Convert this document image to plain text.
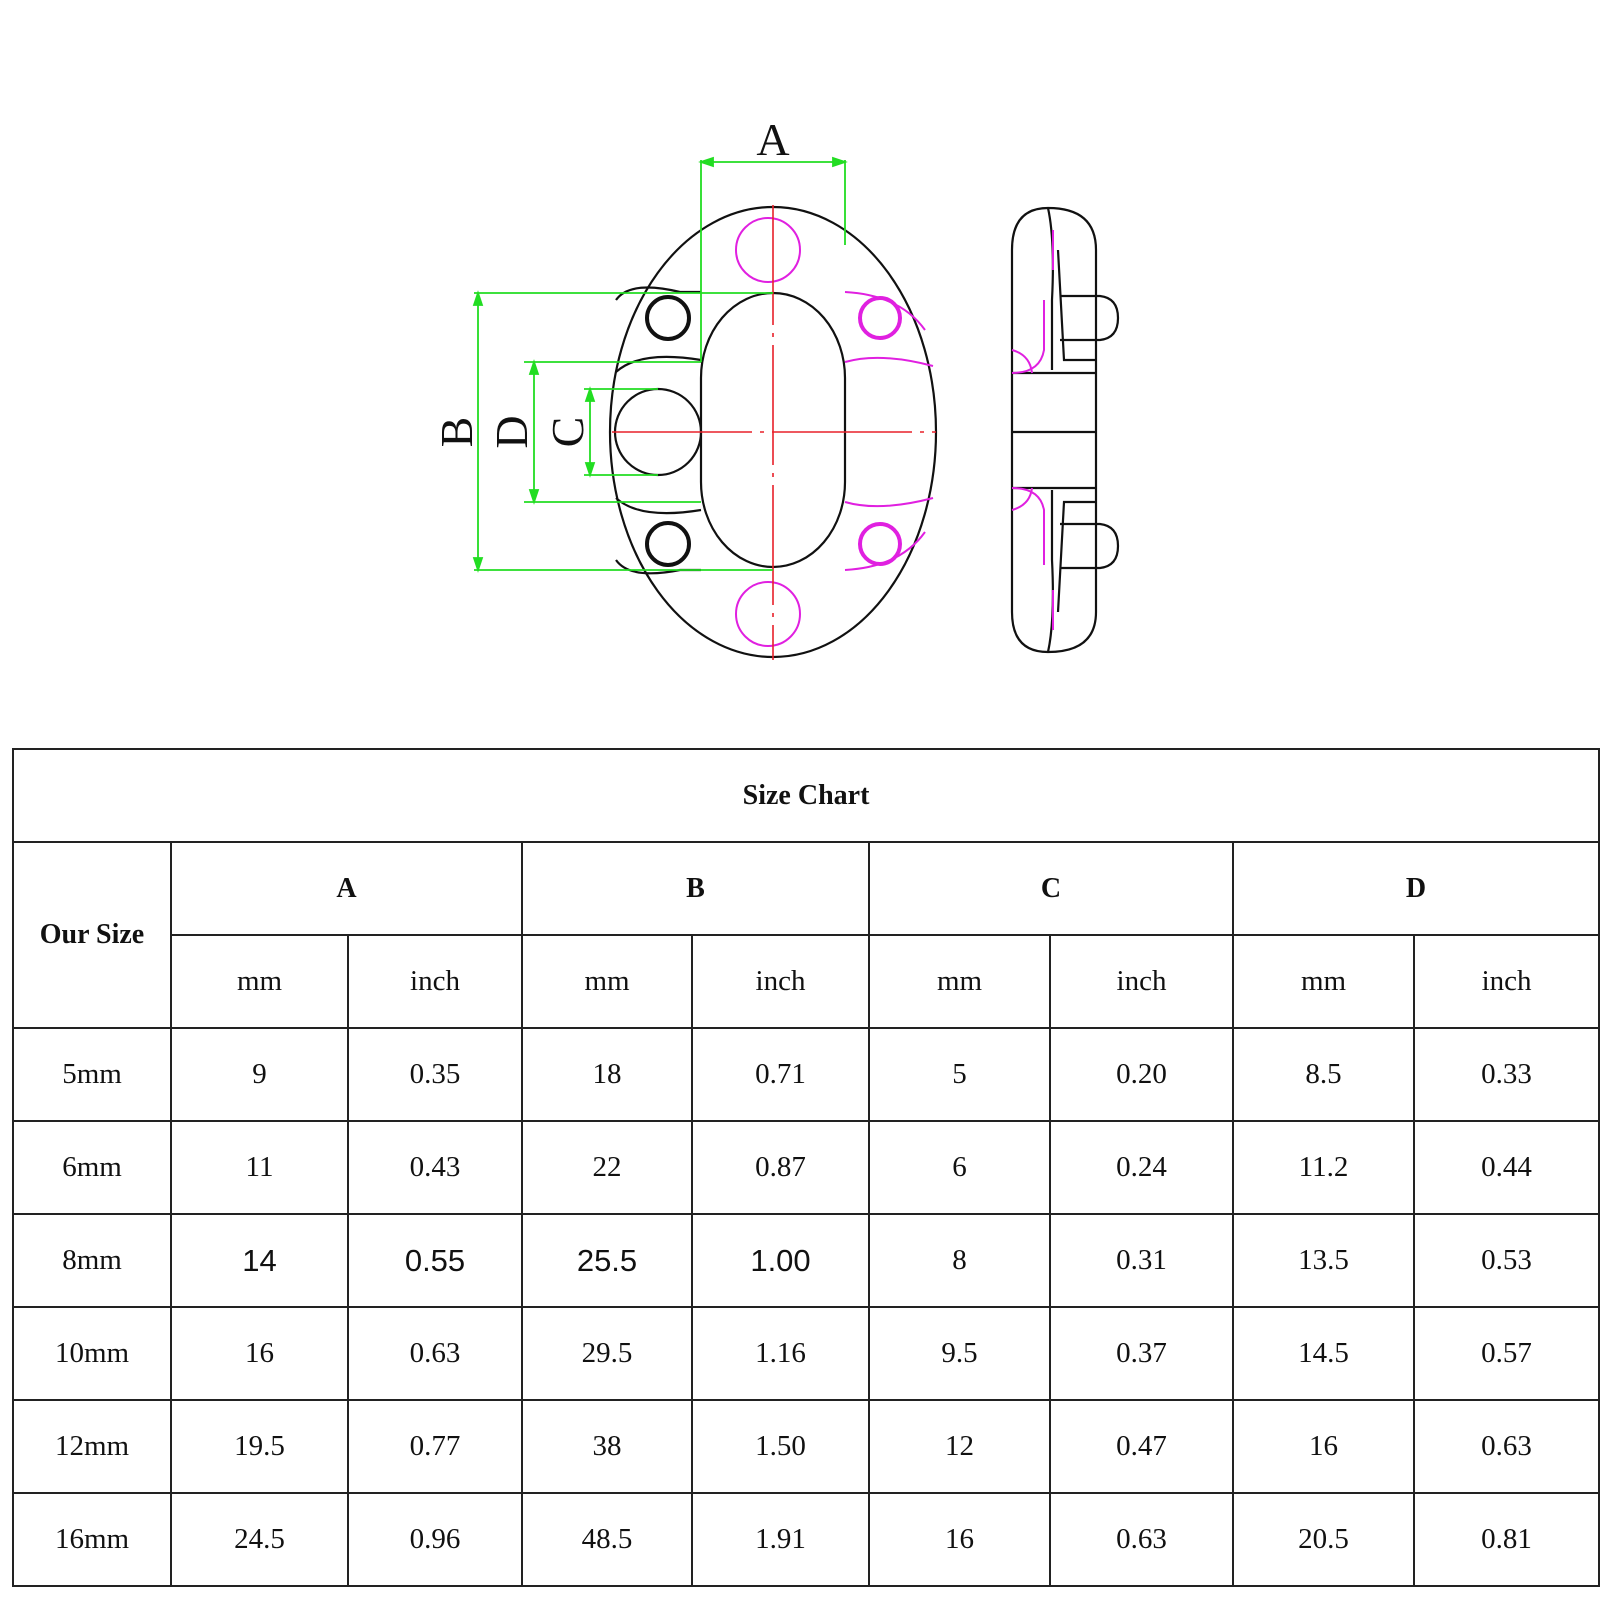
A
B D C
Size Chart								
Our Size	A		B		C		D	
	mm	inch	mm	inch	mm	inch	mm	inch
5mm	9	0.35	18	0.71	5	0.20	8.5	0.33
6mm	11	0.43	22	0.87	6	0.24	11.2	0.44
8mm	14	0.55	25.5	1.00	8	0.31	13.5	0.53
10mm	16	0.63	29.5	1.16	9.5	0.37	14.5	0.57
12mm	19.5	0.77	38	1.50	12	0.47	16	0.63
16mm	24.5	0.96	48.5	1.91	16	0.63	20.5	0.81
